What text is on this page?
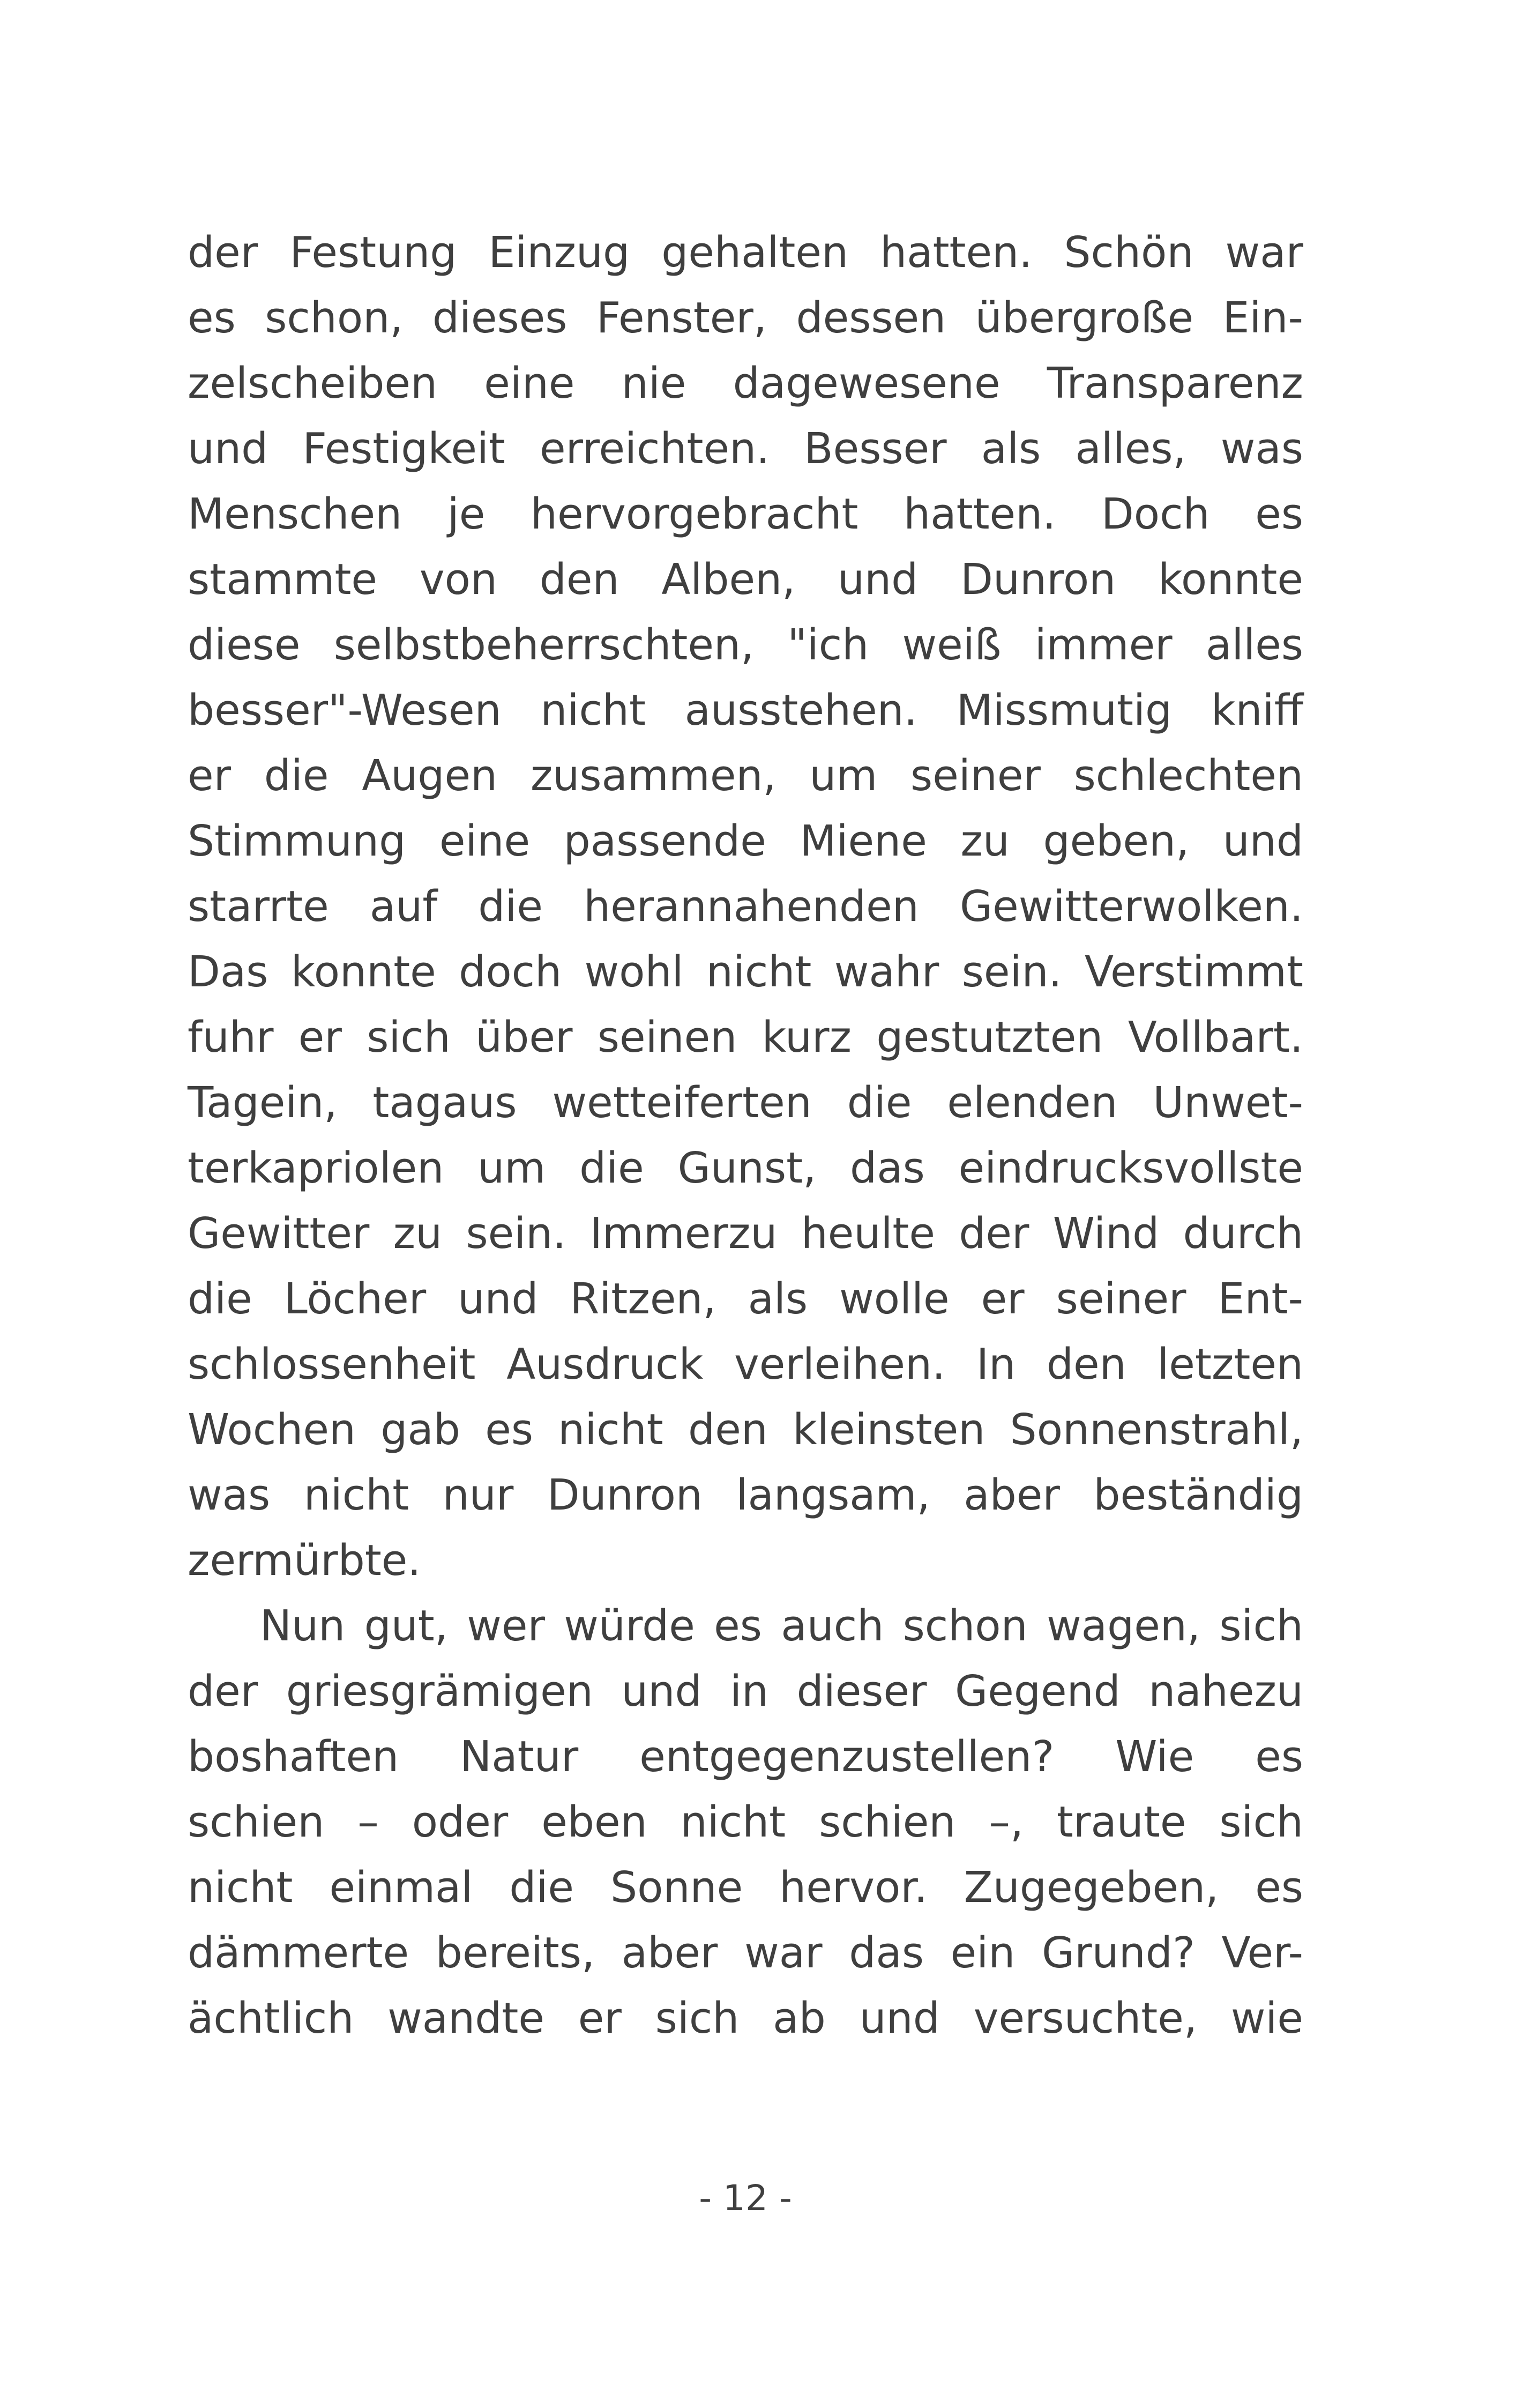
der Festung Einzug gehalten hatten. Schön war
es schon, dieses Fenster, dessen übergroße Ein-
zelscheiben eine nie dagewesene Transparenz
und Festigkeit erreichten. Besser als alles, was
Menschen je hervorgebracht hatten. Doch es
stammte von den Alben, und Dunron konnte
diese selbstbeherrschten, "ich weiß immer alles
besser"-Wesen nicht ausstehen. Missmutig kniff
er die Augen zusammen, um seiner schlechten
Stimmung eine passende Miene zu geben, und
starrte auf die herannahenden Gewitterwolken.
Das konnte doch wohl nicht wahr sein. Verstimmt
fuhr er sich über seinen kurz gestutzten Vollbart.
Tagein, tagaus wetteiferten die elenden Unwet-
terkapriolen um die Gunst, das eindrucksvollste
Gewitter zu sein. Immerzu heulte der Wind durch
die Löcher und Ritzen, als wolle er seiner Ent-
schlossenheit Ausdruck verleihen. In den letzten
Wochen gab es nicht den kleinsten Sonnenstrahl,
was nicht nur Dunron langsam, aber beständig
zermürbte.
Nun gut, wer würde es auch schon wagen, sich
der griesgrämigen und in dieser Gegend nahezu
boshaften Natur entgegenzustellen? Wie es
schien – oder eben nicht schien –, traute sich
nicht einmal die Sonne hervor. Zugegeben, es
dämmerte bereits, aber war das ein Grund? Ver-
ächtlich wandte er sich ab und versuchte, wie
- 12 -
